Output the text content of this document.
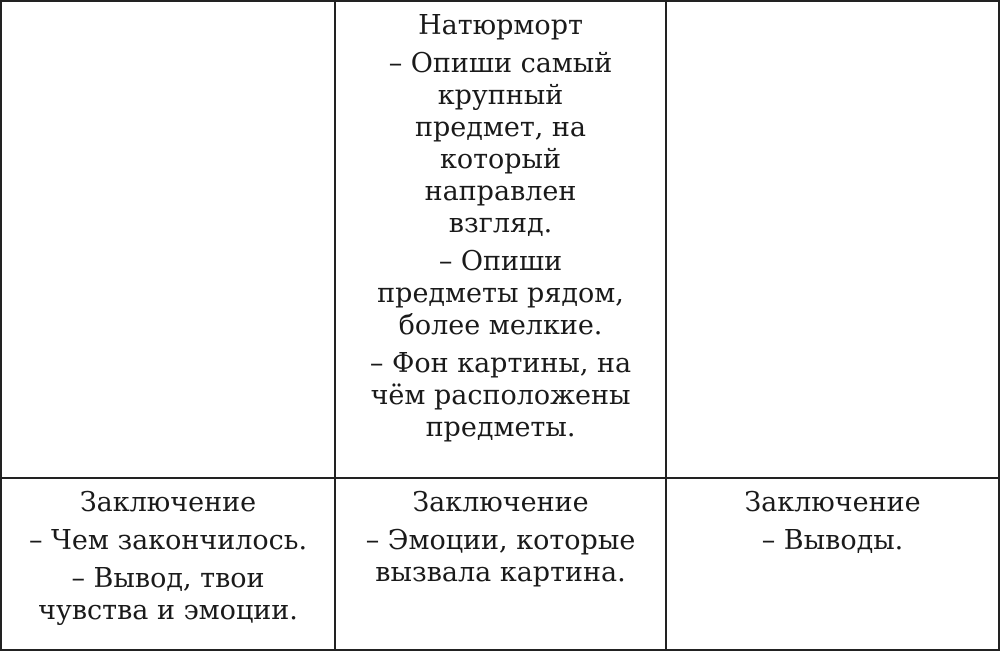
Натюрморт
– Опиши самый крупный предмет, на который направлен взгляд.
– Опиши предметы рядом, более мелкие.
– Фон картины, на чём расположены предметы.
Заключение
– Чем закончилось.
– Вывод, твои чувства и эмоции.
Заключение
– Эмоции, которые вызвала картина.
Заключение
– Выводы.
